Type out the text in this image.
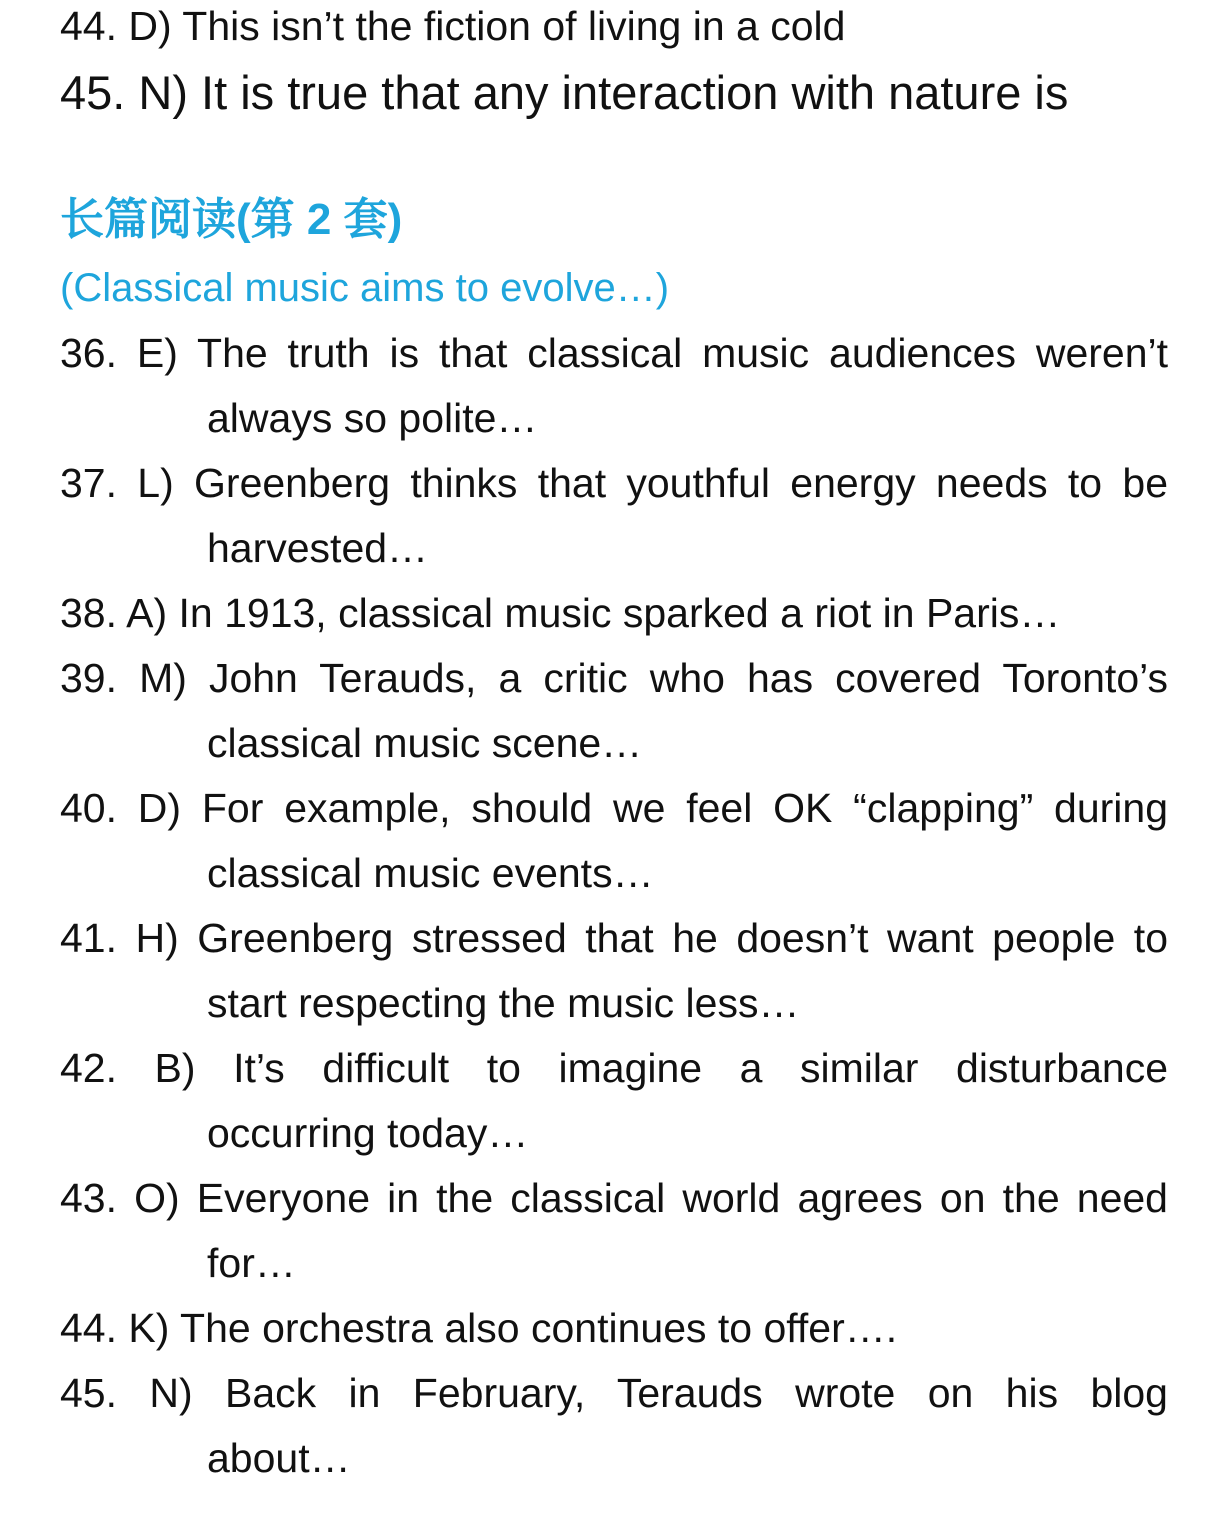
44. D) This isn’t the fiction of living in a cold
45. N) It is true that any interaction with nature is
长篇阅读(第 2 套)
(Classical music aims to evolve…)
36. E) The truth is that classical music audiences weren’t
always so polite…
37. L) Greenberg thinks that youthful energy needs to be
harvested…
38. A) In 1913, classical music sparked a riot in Paris…
39. M) John Terauds, a critic who has covered Toronto’s
classical music scene…
40. D) For example, should we feel OK “clapping” during
classical music events…
41. H) Greenberg stressed that he doesn’t want people to
start respecting the music less…
42. B) It’s difficult to imagine a similar disturbance
occurring today…
43. O) Everyone in the classical world agrees on the need
for…
44. K) The orchestra also continues to offer….
45. N) Back in February, Terauds wrote on his blog
about…
